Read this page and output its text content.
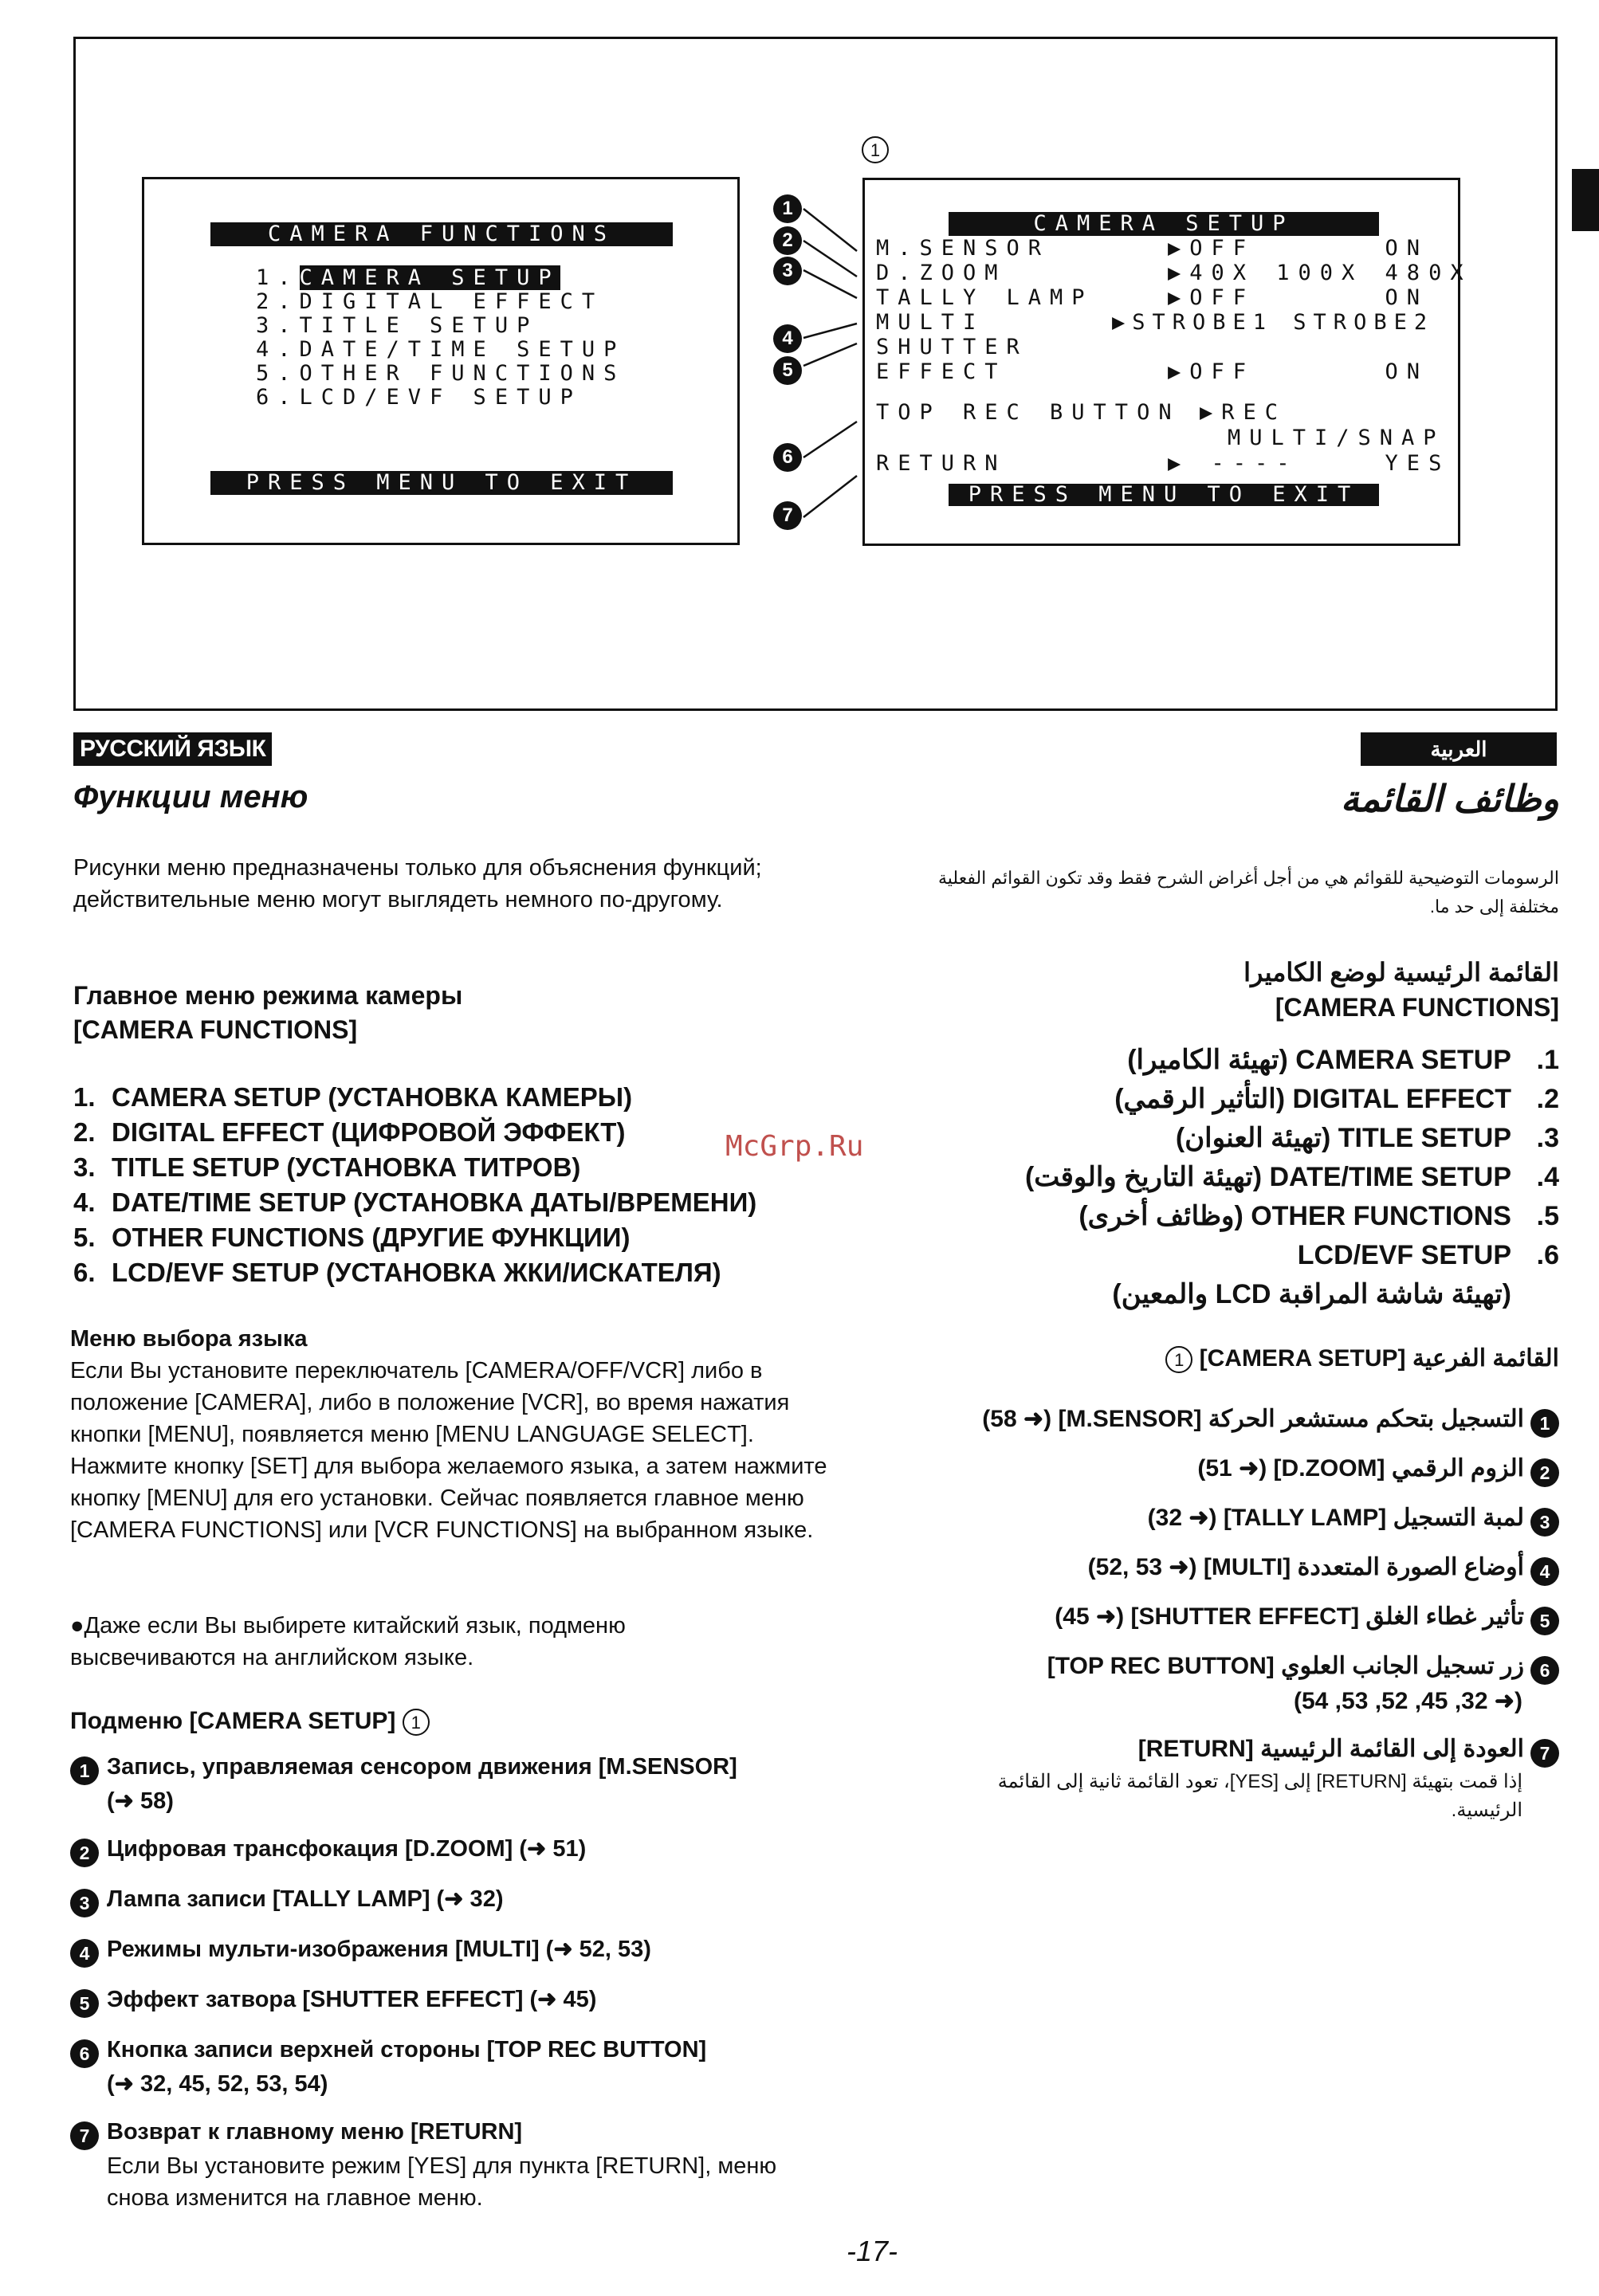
CAMERA FUNCTIONS
1.CAMERA SETUP
2.DIGITAL EFFECT
3.TITLE SETUP
4.DATE/TIME SETUP
5.OTHER FUNCTIONS
6.LCD/EVF SETUP
PRESS MENU TO EXIT
1
1
2
3
4
5
6
7
CAMERA SETUP
M.SENSOR	▶OFF      ON
D.ZOOM	▶40X 100X 480X
TALLY LAMP	▶OFF      ON
MULTI	▶STROBE1 STROBE2
SHUTTER
EFFECT	▶OFF      ON
TOP REC BUTTON ▶REC
MULTI/SNAP
RETURN	▶ ----    YES
PRESS MENU TO EXIT
РУССКИЙ ЯЗЫК
Функции меню
Рисунки меню предназначены только для объяснения функций; действительные меню могут выглядеть немного по-другому.
Главное меню режима камеры
[CAMERA FUNCTIONS]
1. CAMERA SETUP (УСТАНОВКА КАМЕРЫ)
2. DIGITAL EFFECT (ЦИФРОВОЙ ЭФФЕКТ)
3. TITLE SETUP (УСТАНОВКА ТИТРОВ)
4. DATE/TIME SETUP (УСТАНОВКА ДАТЫ/ВРЕМЕНИ)
5. OTHER FUNCTIONS (ДРУГИЕ ФУНКЦИИ)
6. LCD/EVF SETUP (УСТАНОВКА ЖКИ/ИСКАТЕЛЯ)
Меню выбора языка
Если Вы установите переключатель [CAMERA/OFF/VCR] либо в положение [CAMERA], либо в положение [VCR], во время нажатия кнопки [MENU], появляется меню [MENU LANGUAGE SELECT]. Нажмите кнопку [SET] для выбора желаемого языка, а затем нажмите кнопку [MENU] для его установки. Сейчас появляется главное меню [CAMERA FUNCTIONS] или [VCR FUNCTIONS] на выбранном языке.
●Даже если Вы выбирете китайский язык, подменю высвечиваются на английском языке.
Подменю [CAMERA SETUP] 1
1 Запись, управляемая сенсором движения [M.SENSOR]
(➜ 58)
2 Цифровая трансфокация [D.ZOOM] (➜ 51)
3 Лампа записи [TALLY LAMP] (➜ 32)
4 Режимы мульти-изображения [MULTI] (➜ 52, 53)
5 Эффект затвора [SHUTTER EFFECT] (➜ 45)
6 Кнопка записи верхней стороны [TOP REC BUTTON]
(➜ 32, 45, 52, 53, 54)
7 Возврат к главному меню [RETURN]
Если Вы установите режим [YES] для пункта [RETURN], меню снова изменится на главное меню.
العربية
وظائف القائمة
الرسومات التوضيحية للقوائم هي من أجل أغراض الشرح فقط وقد تكون القوائم الفعلية مختلفة إلى حد ما.
القائمة الرئيسية لوضع الكاميرا
[CAMERA FUNCTIONS]
1.CAMERA SETUP (تهيئة الكاميرا)
2.DIGITAL EFFECT (التأثير الرقمي)
3.TITLE SETUP (تهيئة العنوان)
4.DATE/TIME SETUP (تهيئة التاريخ والوقت)
5.OTHER FUNCTIONS (وظائف أخرى)
6.LCD/EVF SETUP
(تهيئة شاشة المراقبة LCD والمعين)
القائمة الفرعية [CAMERA SETUP] 1
1التسجيل بتحكم مستشعر الحركة [M.SENSOR] (➜ 58)
2الزوم الرقمي [D.ZOOM] (➜ 51)
3لمبة التسجيل [TALLY LAMP] (➜ 32)
4أوضاع الصورة المتعددة [MULTI] (➜ 52, 53)
5تأثير غطاء الغلق [SHUTTER EFFECT] (➜ 45)
6زر تسجيل الجانب العلوي [TOP REC BUTTON]
(➜ 32, 45, 52, 53, 54)
7العودة إلى القائمة الرئيسية [RETURN]
إذا قمت بتهيئة [RETURN] إلى [YES]، تعود القائمة ثانية إلى القائمة الرئيسية.
McGrp.Ru
-17-
